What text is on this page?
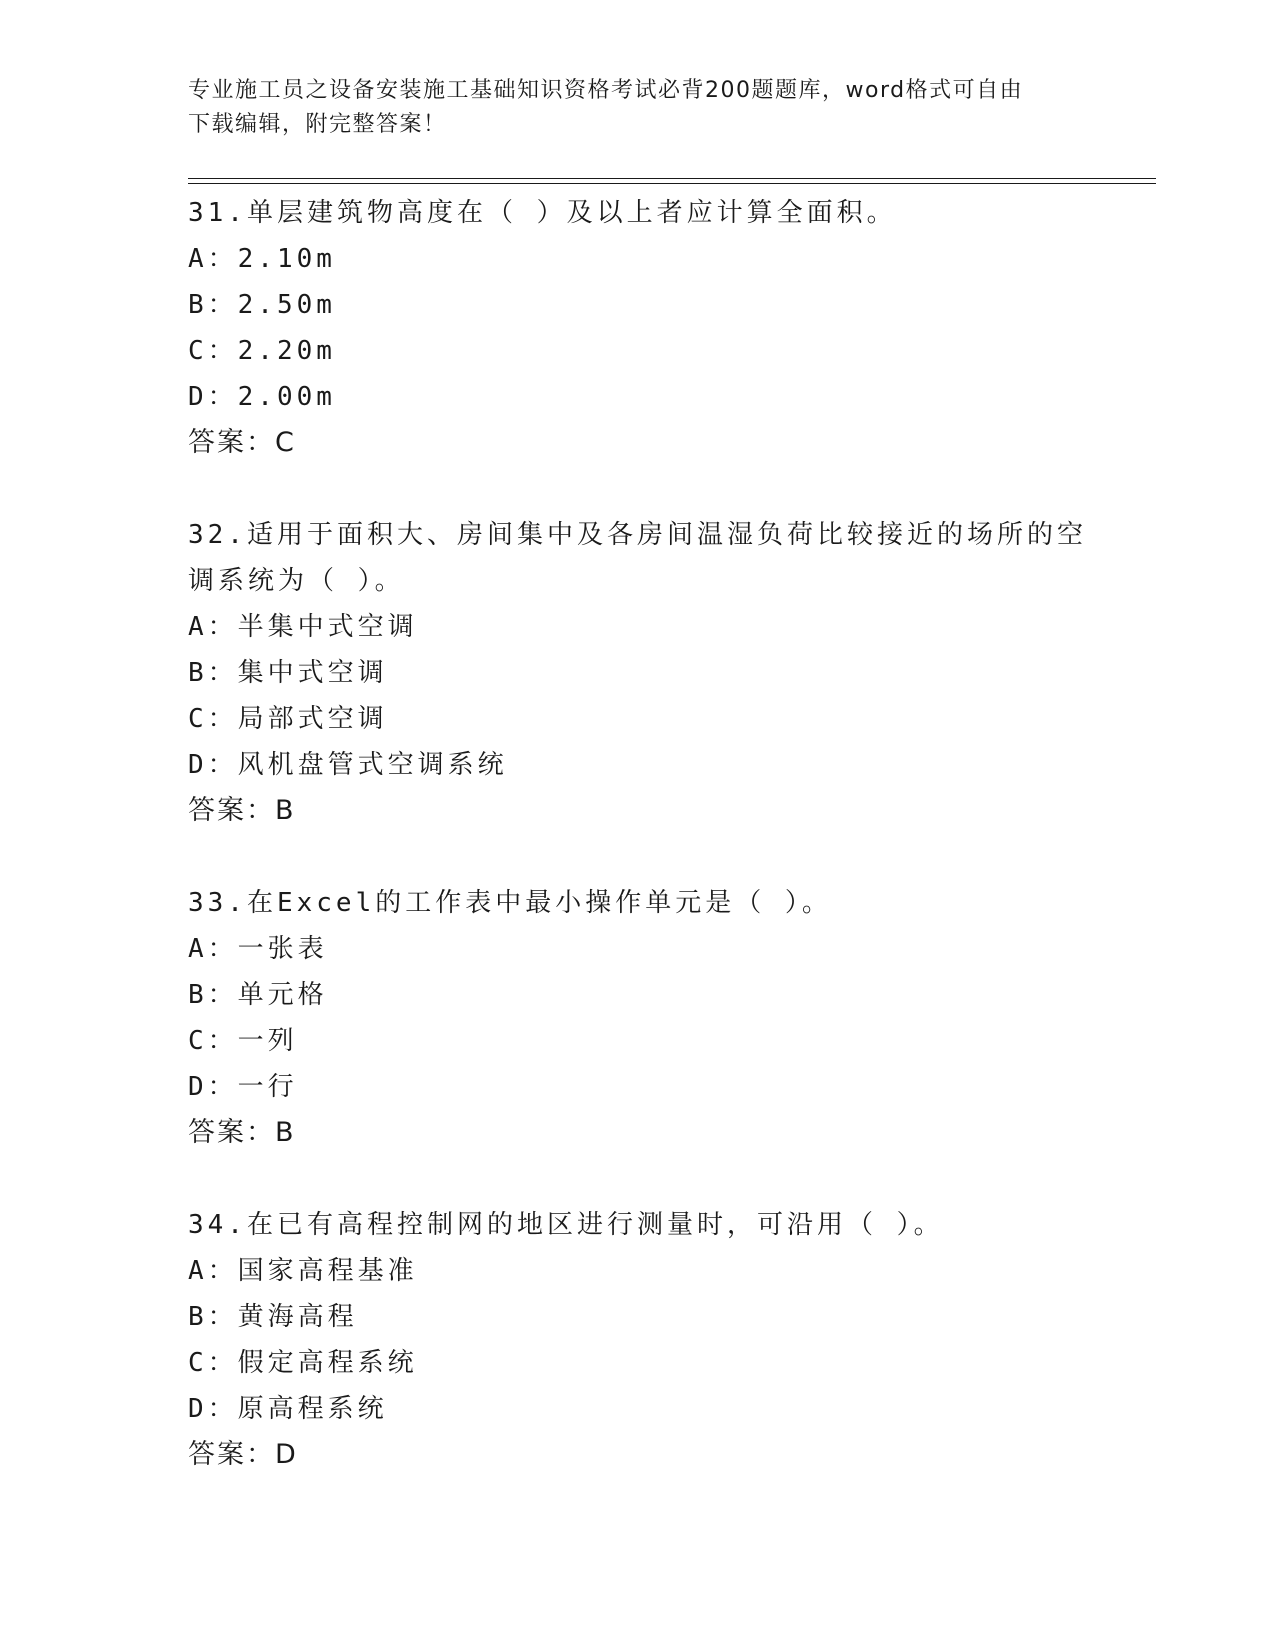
专业施工员之设备安装施工基础知识资格考试必背200题题库，word格式可自由
下载编辑，附完整答案！
31.单层建筑物高度在（ ）及以上者应计算全面积。
A：2.10m
B：2.50m
C：2.20m
D：2.00m
答案：C
32.适用于面积大、房间集中及各房间温湿负荷比较接近的场所的空调系统为（ ）。
A：半集中式空调
B：集中式空调
C：局部式空调
D：风机盘管式空调系统
答案：B
33.在Excel的工作表中最小操作单元是（ ）。
A：一张表
B：单元格
C：一列
D：一行
答案：B
34.在已有高程控制网的地区进行测量时，可沿用（ ）。
A：国家高程基准
B：黄海高程
C：假定高程系统
D：原高程系统
答案：D
